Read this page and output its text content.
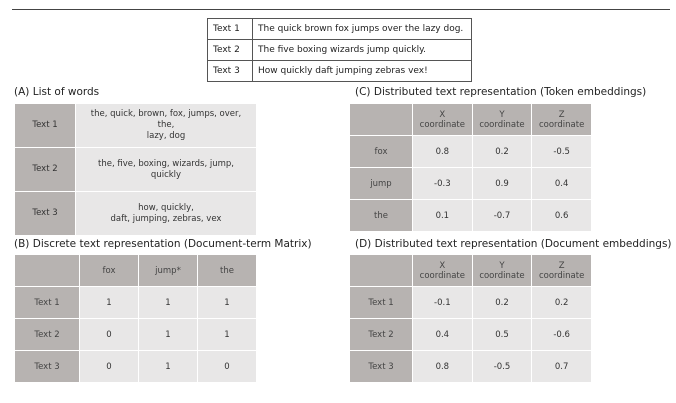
Text 1	The quick brown fox jumps over the lazy dog.
Text 2	The five boxing wizards jump quickly.
Text 3	How quickly daft jumping zebras vex!
(A) List of words
Text 1	the, quick, brown, fox, jumps, over, the,
lazy, dog
Text 2	the, five, boxing, wizards, jump, quickly
Text 3	how, quickly,
daft, jumping, zebras, vex
(B) Discrete text representation (Document-term Matrix)
	fox	jump*	the
Text 1	1	1	1
Text 2	0	1	1
Text 3	0	1	0
(C) Distributed text representation (Token embeddings)
	X coordinate	Y coordinate	Z coordinate
fox	0.8	0.2	-0.5
jump	-0.3	0.9	0.4
the	0.1	-0.7	0.6
(D) Distributed text representation (Document embeddings)
	X coordinate	Y coordinate	Z coordinate
Text 1	-0.1	0.2	0.2
Text 2	0.4	0.5	-0.6
Text 3	0.8	-0.5	0.7
